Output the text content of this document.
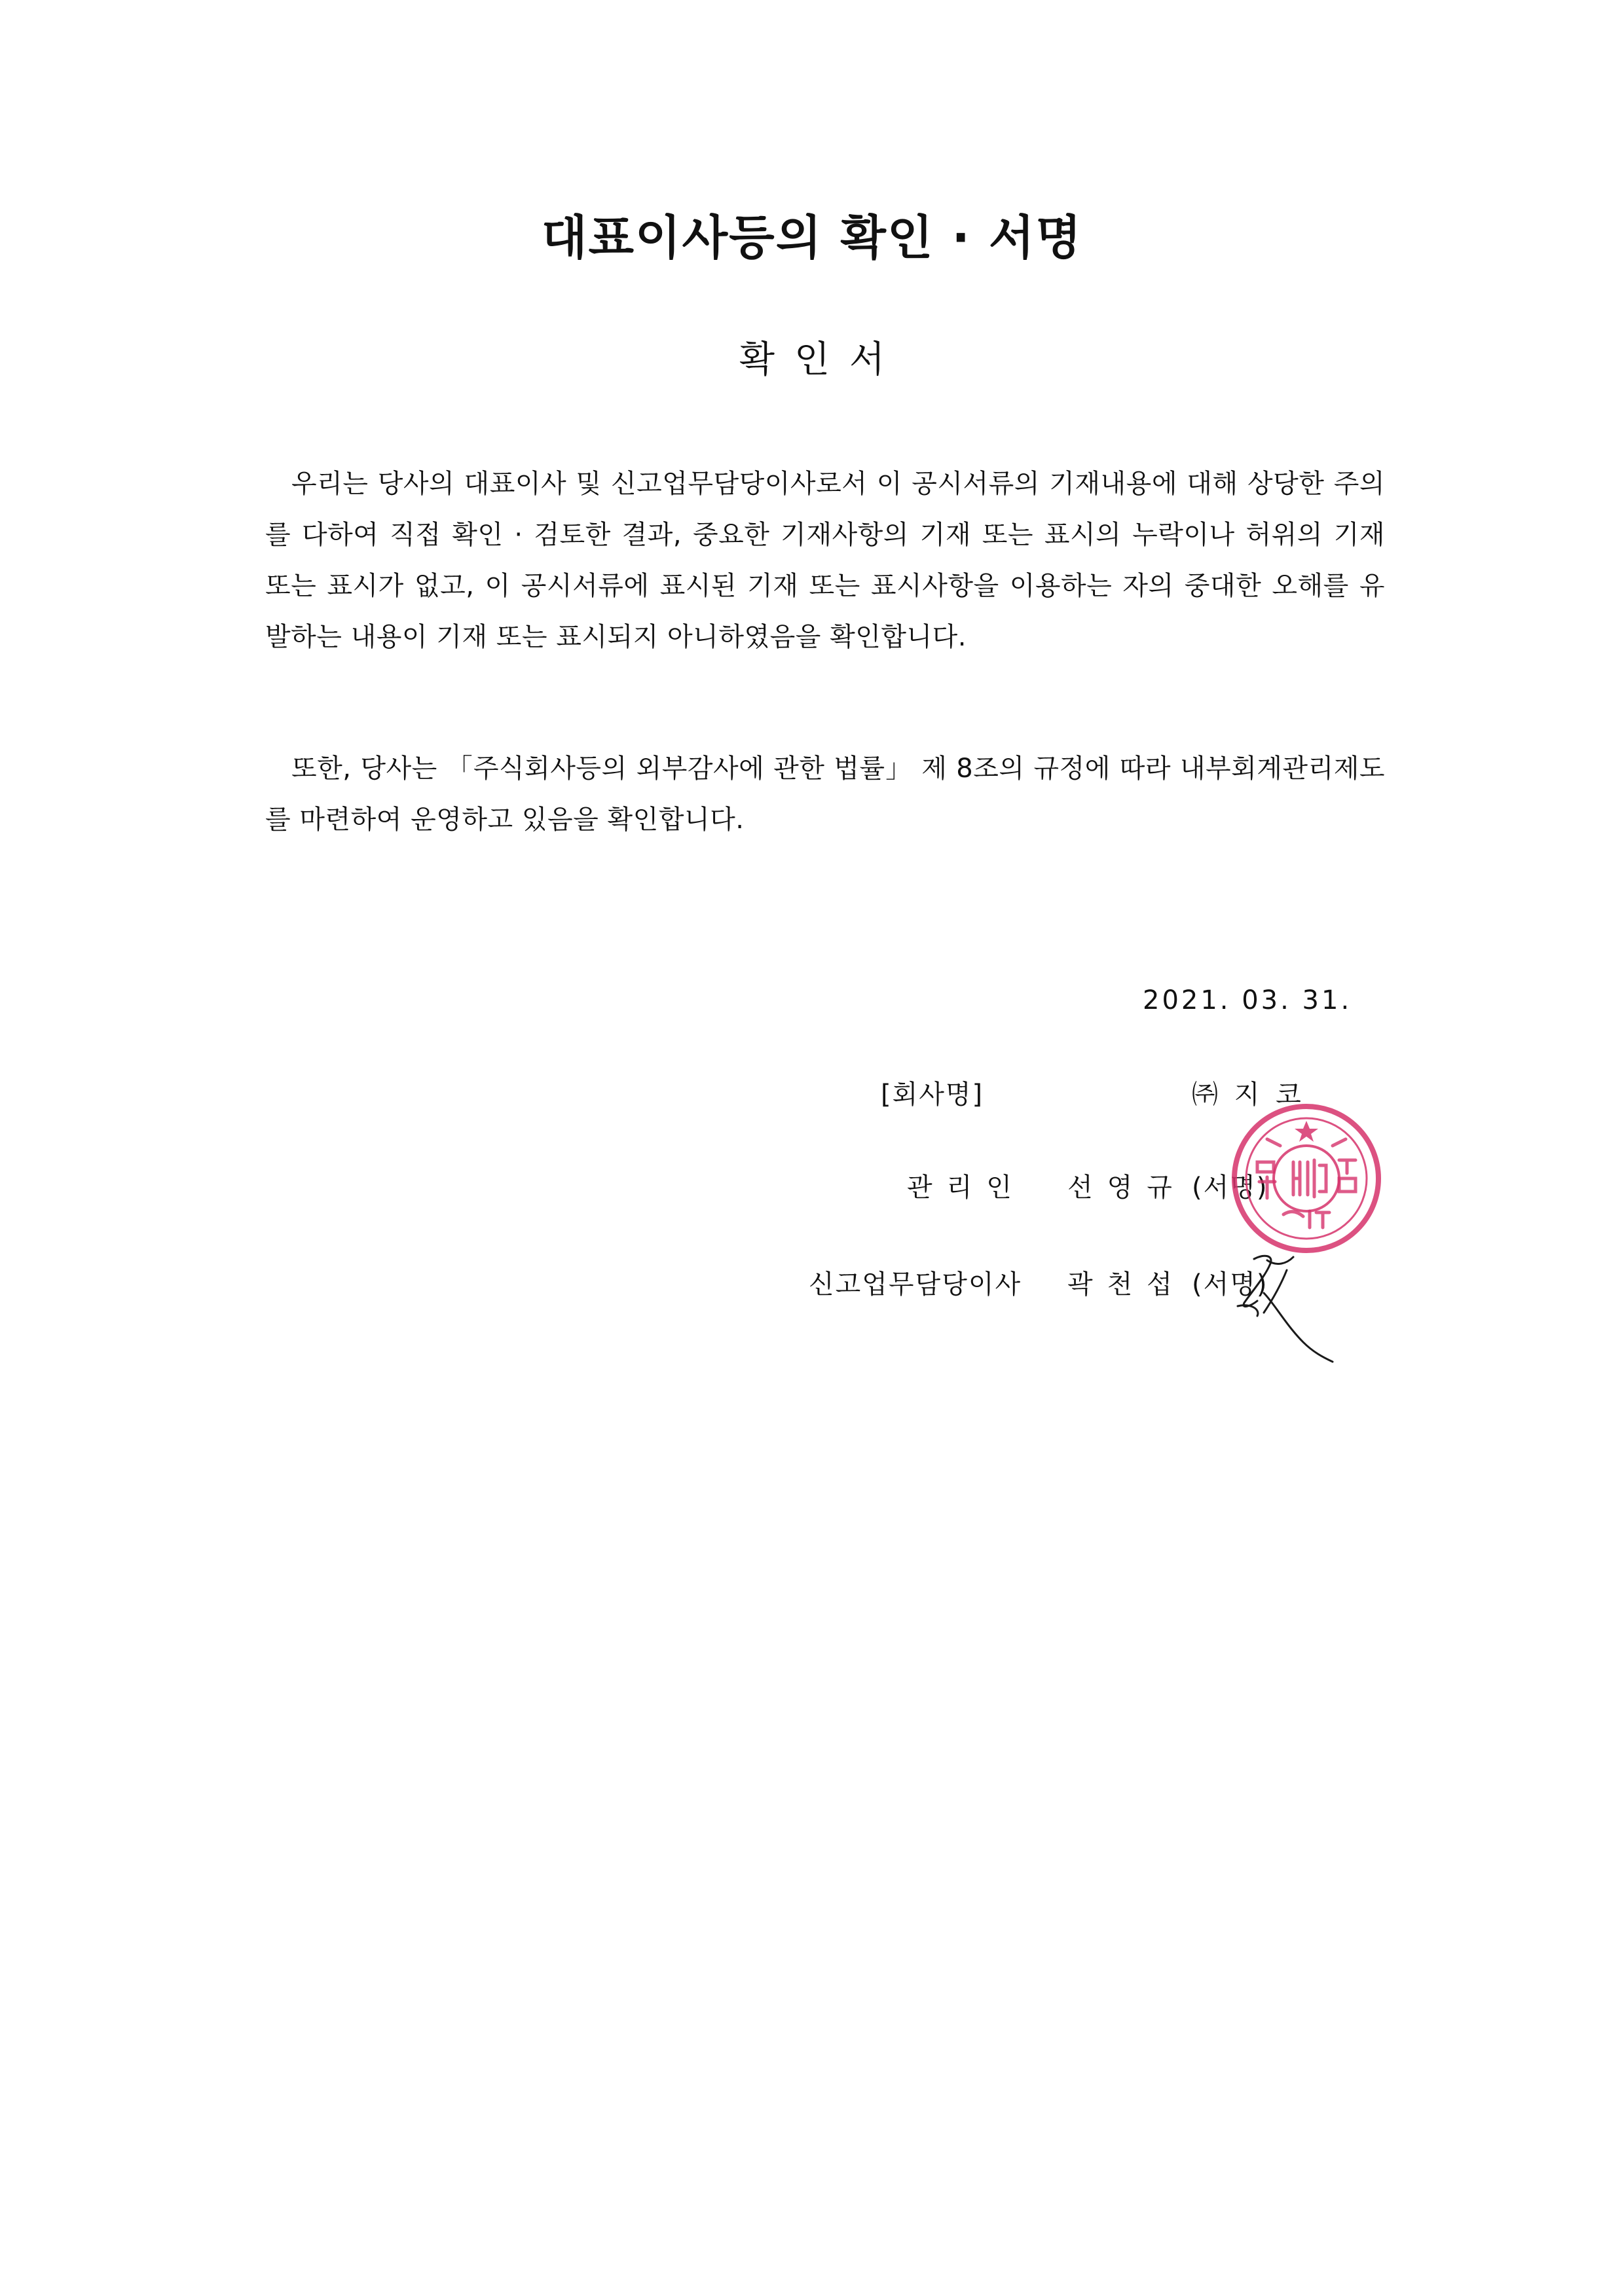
대표이사등의 확인 · 서명
확인서
우리는 당사의 대표이사 및 신고업무담당이사로서 이 공시서류의 기재내용에 대해 상당한 주의를 다하여 직접 확인 · 검토한 결과, 중요한 기재사항의 기재 또는 표시의 누락이나 허위의 기재 또는 표시가 없고, 이 공시서류에 표시된 기재 또는 표시사항을 이용하는 자의 중대한 오해를 유발하는 내용이 기재 또는 표시되지 아니하였음을 확인합니다.
또한, 당사는 「주식회사등의 외부감사에 관한 법률」 제 8조의 규정에 따라 내부회계관리제도를 마련하여 운영하고 있음을 확인합니다.
2021. 03. 31.
[회사명]	㈜ 지 코
관리인 선영규 (서명)
신고업무담당이사 곽천섭 (서명)
